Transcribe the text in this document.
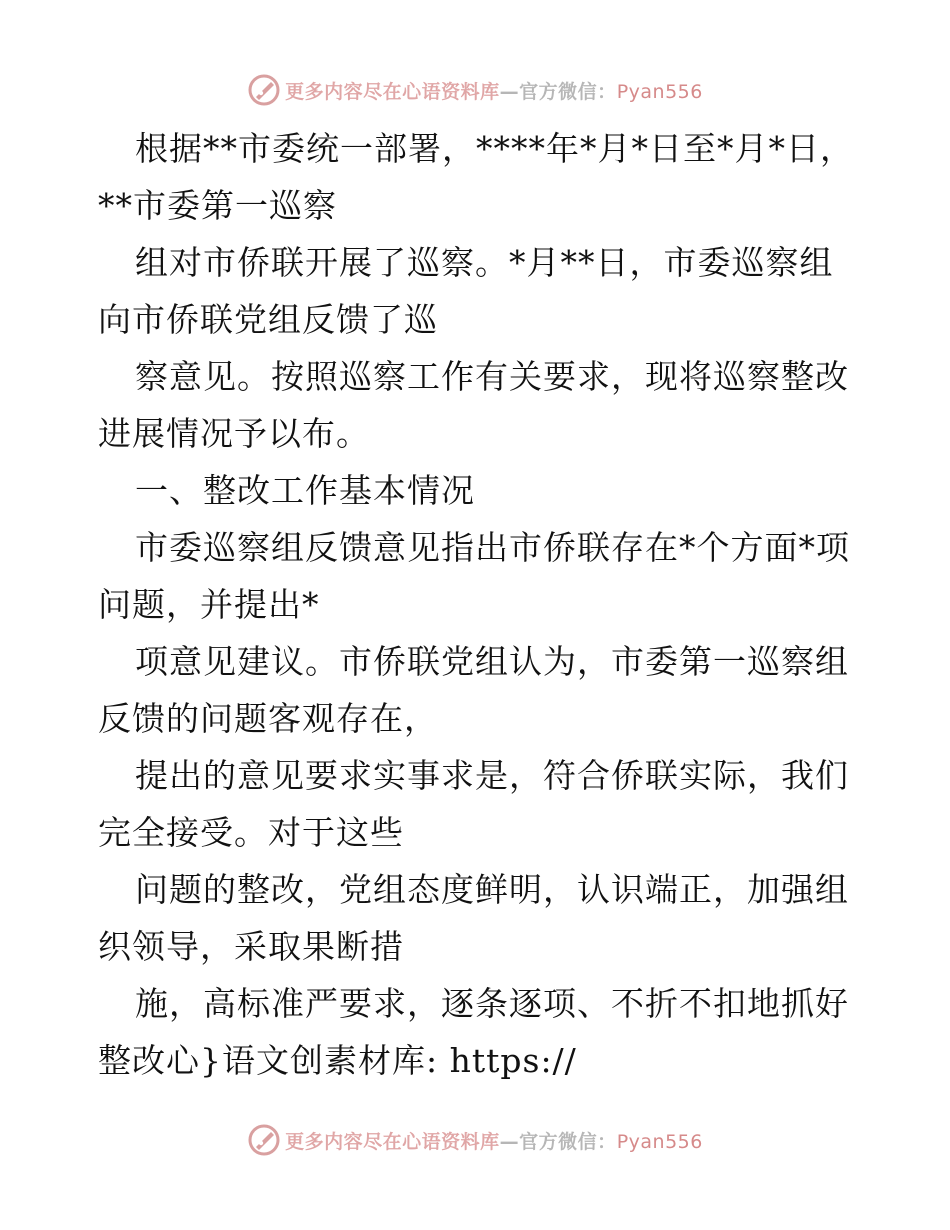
更多内容尽在心语资料库—官方微信：Pyan556
根据**市委统一部署，****年*月*日至*月*日，
**市委第一巡察
组对市侨联开展了巡察。*月**日，市委巡察组
向市侨联党组反馈了巡
察意见。按照巡察工作有关要求，现将巡察整改
进展情况予以布。
一、整改工作基本情况
市委巡察组反馈意见指出市侨联存在*个方面*项
问题，并提出*
项意见建议。市侨联党组认为，市委第一巡察组
反馈的问题客观存在，
提出的意见要求实事求是，符合侨联实际，我们
完全接受。对于这些
问题的整改，党组态度鲜明，认识端正，加强组
织领导，采取果断措
施，高标准严要求，逐条逐项、不折不扣地抓好
整改心}语文创素材库: https://
更多内容尽在心语资料库—官方微信：Pyan556
